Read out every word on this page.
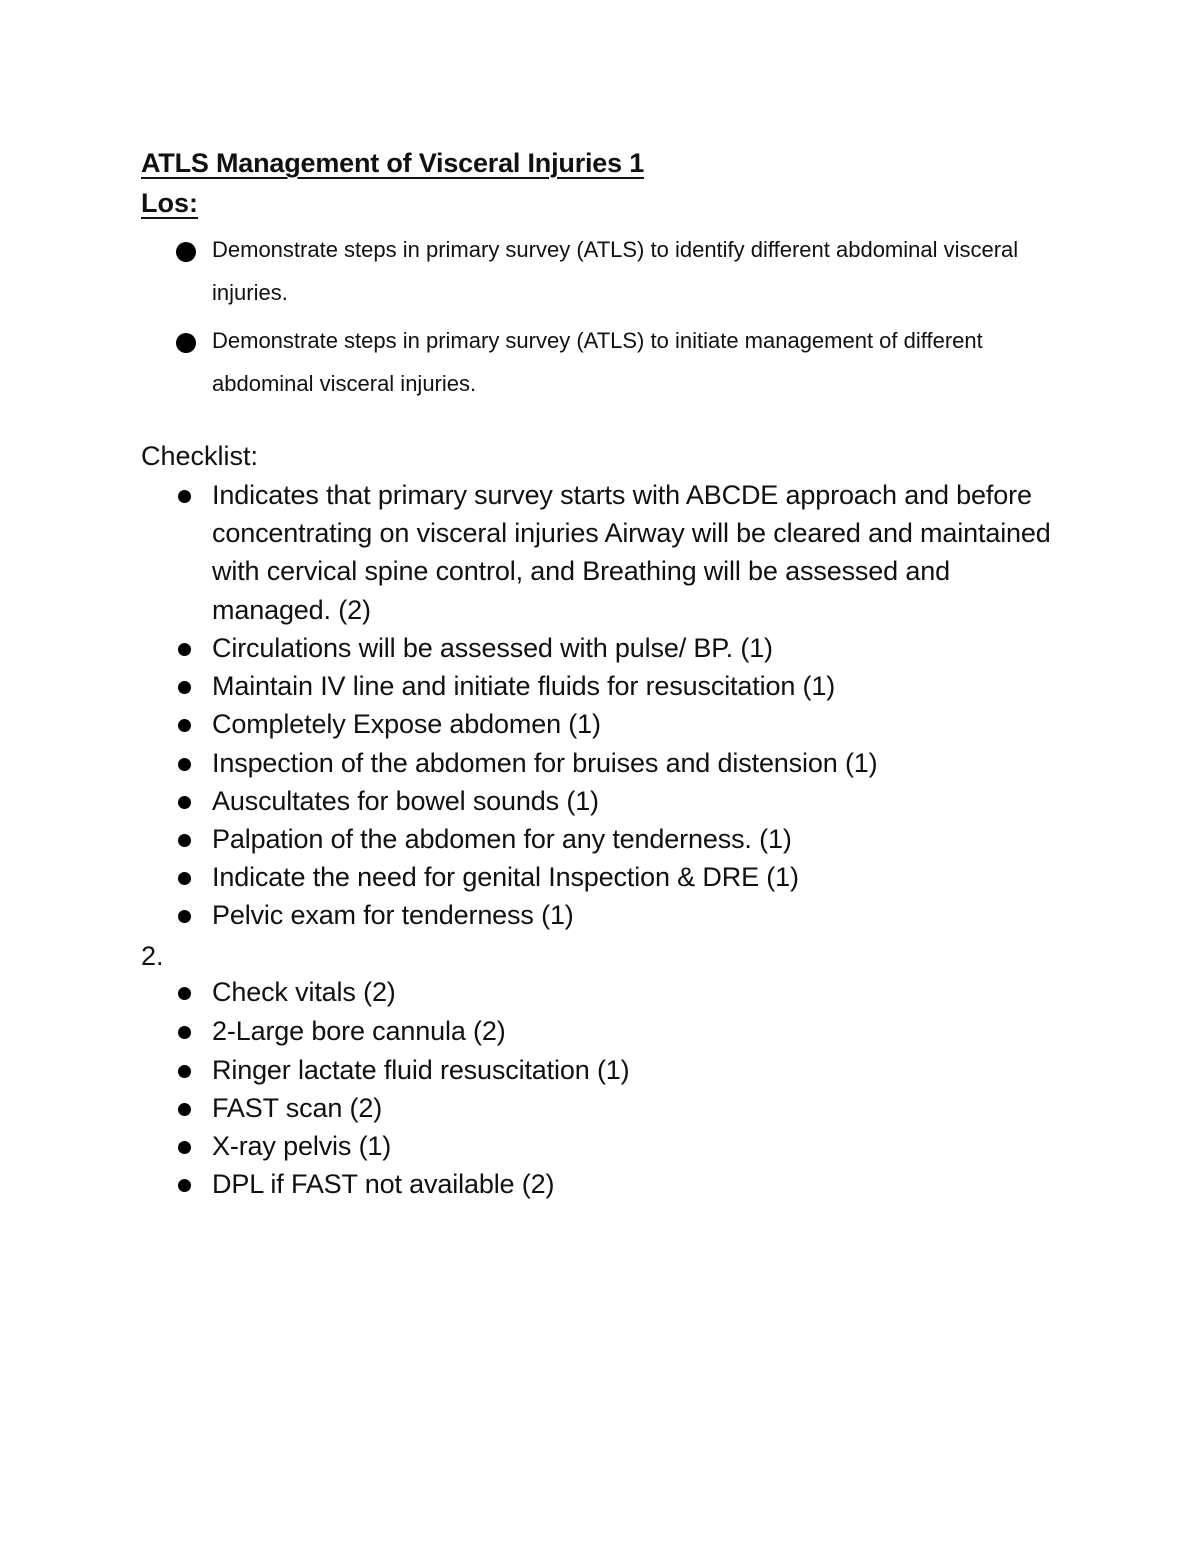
ATLS Management of Visceral Injuries 1
Los:
Demonstrate steps in primary survey (ATLS) to identify different abdominal visceral injuries.
Demonstrate steps in primary survey (ATLS) to initiate management of different abdominal visceral injuries.
Checklist:
Indicates that primary survey starts with ABCDE approach and before concentrating on visceral injuries Airway will be cleared and maintained with cervical spine control, and Breathing will be assessed and managed. (2)
Circulations will be assessed with pulse/ BP. (1)
Maintain IV line and initiate fluids for resuscitation (1)
Completely Expose abdomen (1)
Inspection of the abdomen for bruises and distension (1)
Auscultates for bowel sounds (1)
Palpation of the abdomen for any tenderness. (1)
Indicate the need for genital Inspection & DRE (1)
Pelvic exam for tenderness (1)
2.
Check vitals (2)
2-Large bore cannula (2)
Ringer lactate fluid resuscitation (1)
FAST scan (2)
X-ray pelvis (1)
DPL if FAST not available (2)
